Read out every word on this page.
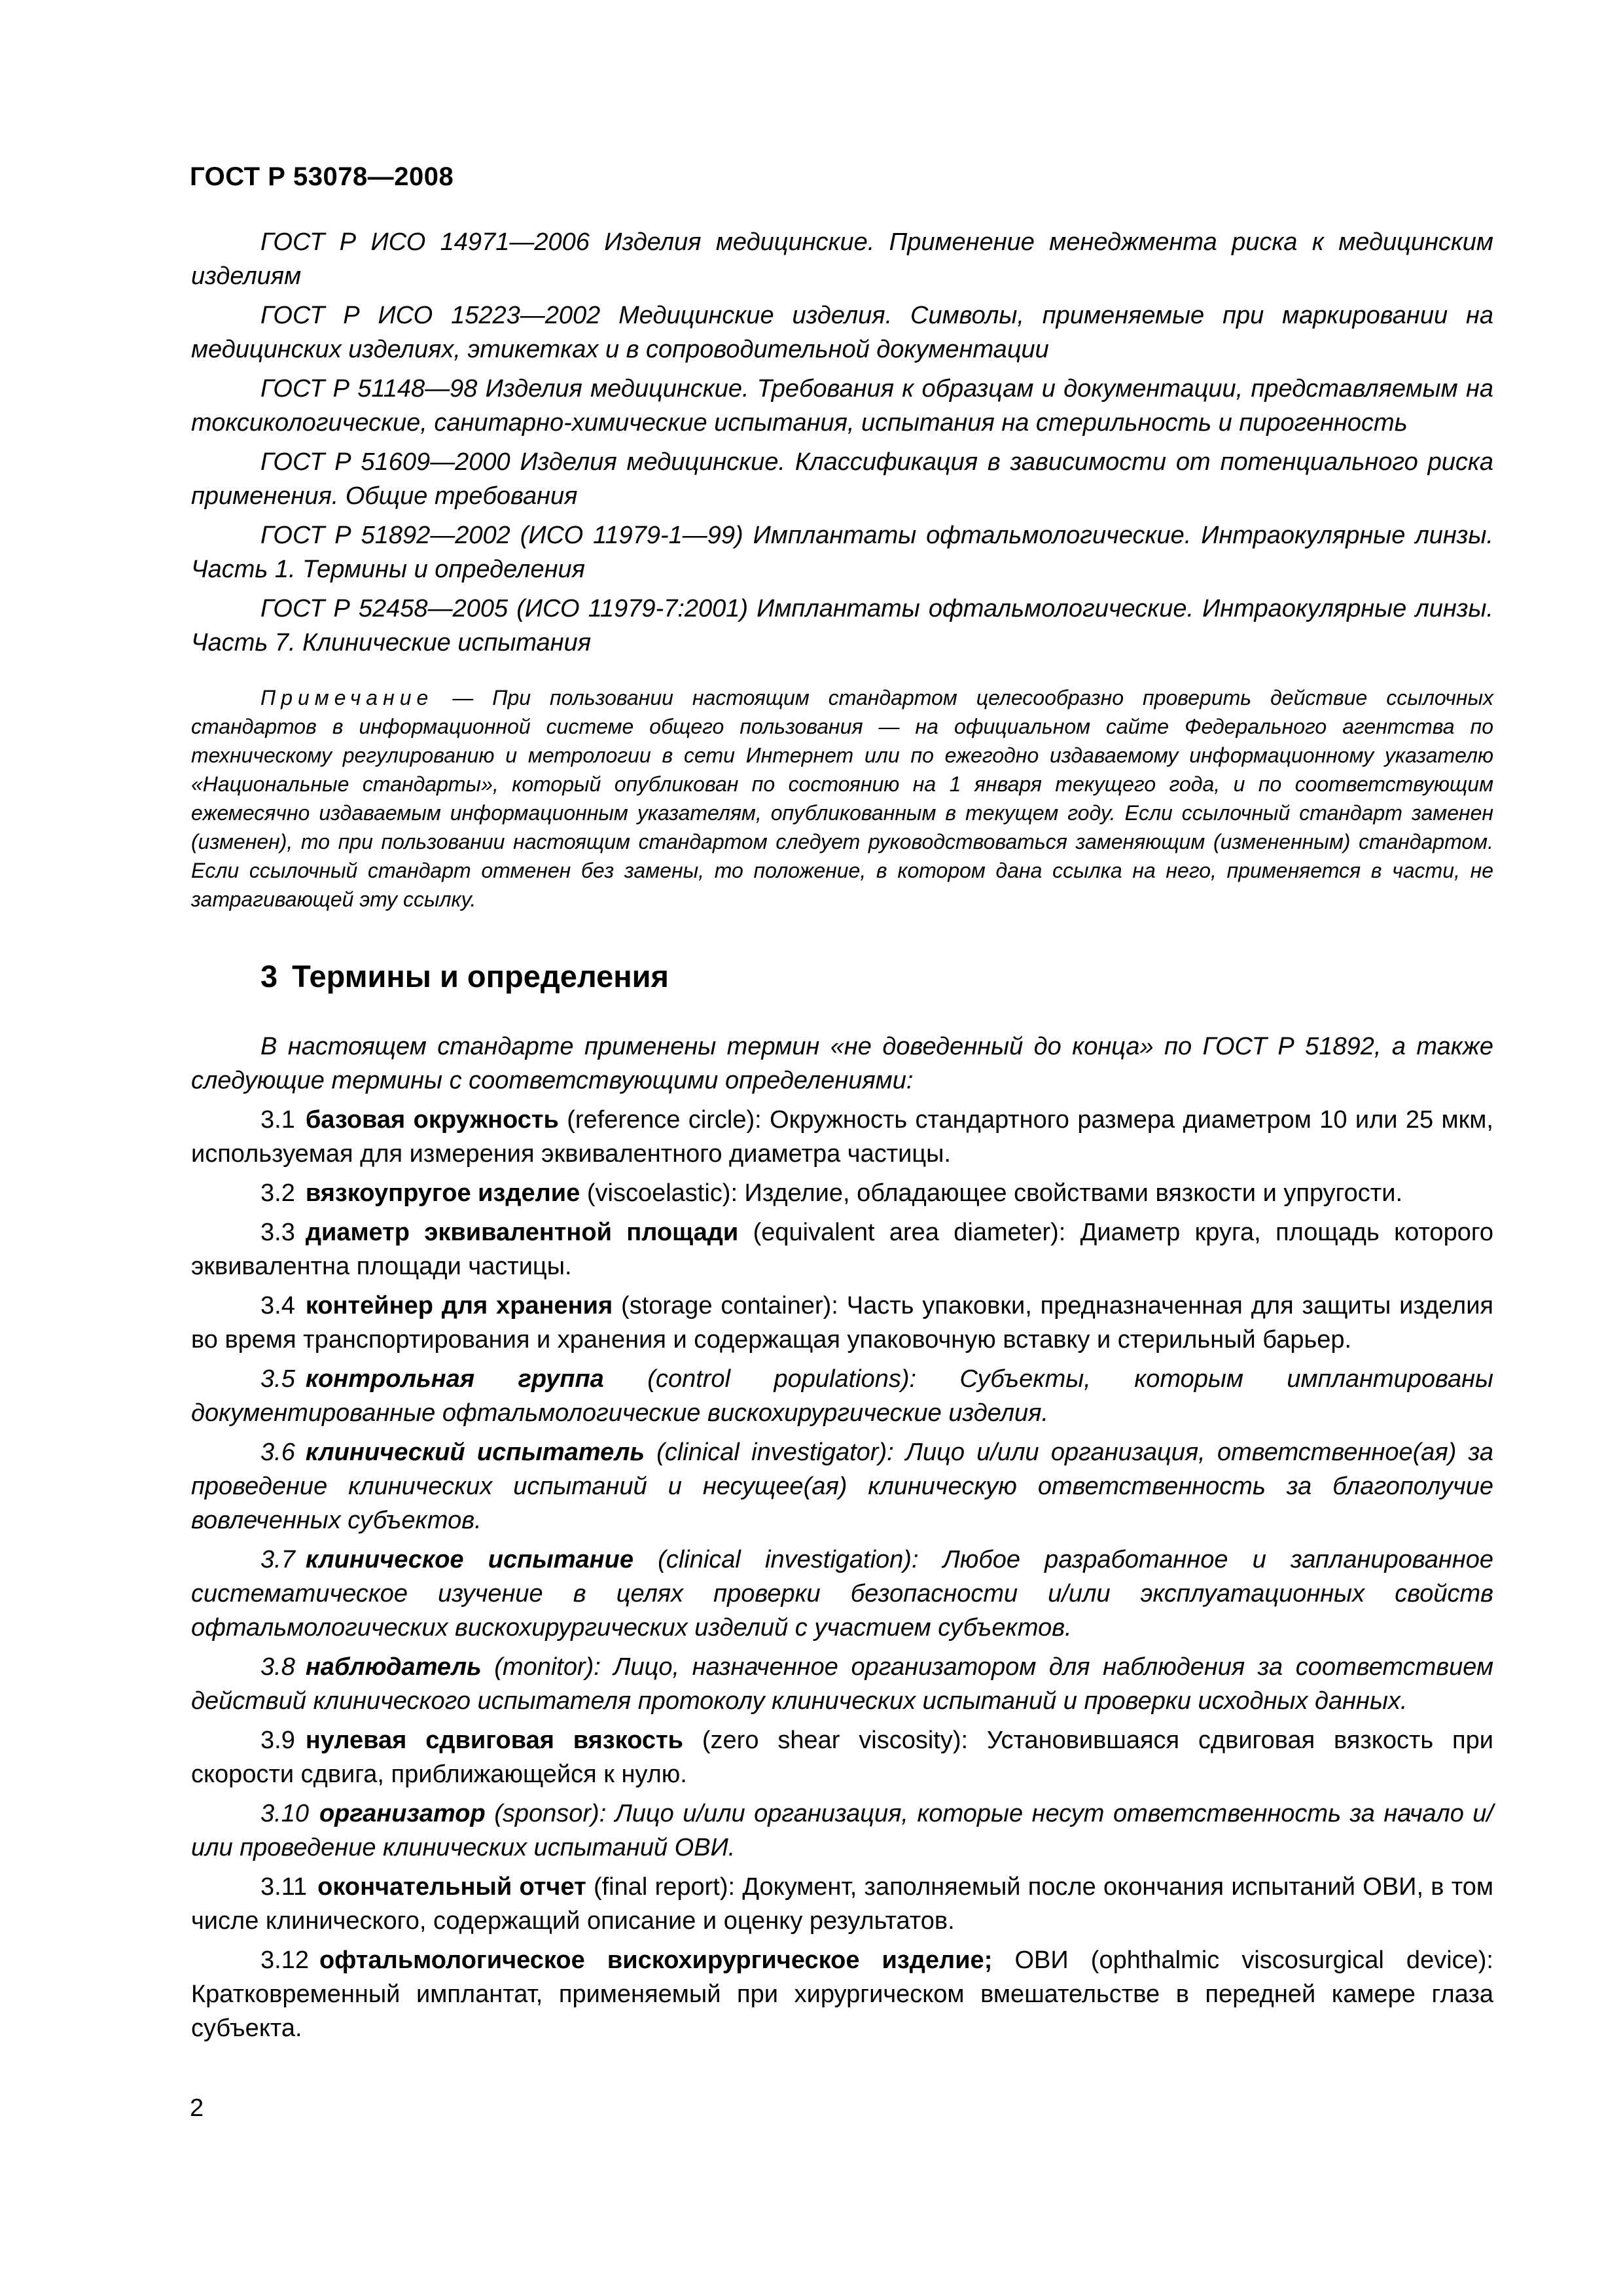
ГОСТ Р 53078—2008

ГОСТ Р ИСО 14971—2006 Изделия медицинские. Применение менеджмента риска к медицинским изделиям

ГОСТ Р ИСО 15223—2002 Медицинские изделия. Символы, применяемые при маркировании на медицинских изделиях, этикетках и в сопроводительной документации

ГОСТ Р 51148—98 Изделия медицинские. Требования к образцам и документации, представляемым на токсикологические, санитарно-химические испытания, испытания на стерильность и пирогенность

ГОСТ Р 51609—2000 Изделия медицинские. Классификация в зависимости от потенциального риска применения. Общие требования

ГОСТ Р 51892—2002 (ИСО 11979-1—99) Имплантаты офтальмологические. Интраокулярные линзы. Часть 1. Термины и определения

ГОСТ Р 52458—2005 (ИСО 11979-7:2001) Имплантаты офтальмологические. Интраокулярные линзы. Часть 7. Клинические испытания

Примечание — При пользовании настоящим стандартом целесообразно проверить действие ссылочных стандартов в информационной системе общего пользования — на официальном сайте Федерального агентства по техническому регулированию и метрологии в сети Интернет или по ежегодно издаваемому информационному указателю «Национальные стандарты», который опубликован по состоянию на 1 января текущего года, и по соответствующим ежемесячно издаваемым информационным указателям, опубликованным в текущем году. Если ссылочный стандарт заменен (изменен), то при пользовании настоящим стандартом следует руководствоваться заменяющим (измененным) стандартом. Если ссылочный стандарт отменен без замены, то положение, в котором дана ссылка на него, применяется в части, не затрагивающей эту ссылку.

3 Термины и определения

В настоящем стандарте применены термин «не доведенный до конца» по ГОСТ Р 51892, а также следующие термины с соответствующими определениями:

3.1 базовая окружность (reference circle): Окружность стандартного размера диаметром 10 или 25 мкм, используемая для измерения эквивалентного диаметра частицы.

3.2 вязкоупругое изделие (viscoelastic): Изделие, обладающее свойствами вязкости и упругости.

3.3 диаметр эквивалентной площади (equivalent area diameter): Диаметр круга, площадь которого эквивалентна площади частицы.

3.4 контейнер для хранения (storage container): Часть упаковки, предназначенная для защиты изделия во время транспортирования и хранения и содержащая упаковочную вставку и стерильный барьер.

3.5 контрольная группа (control populations): Субъекты, которым имплантированы документированные офтальмологические вискохирургические изделия.

3.6 клинический испытатель (clinical investigator): Лицо и/или организация, ответственное(ая) за проведение клинических испытаний и несущее(ая) клиническую ответственность за благополучие вовлеченных субъектов.

3.7 клиническое испытание (clinical investigation): Любое разработанное и запланированное систематическое изучение в целях проверки безопасности и/или эксплуатационных свойств офтальмологических вискохирургических изделий с участием субъектов.

3.8 наблюдатель (monitor): Лицо, назначенное организатором для наблюдения за соответствием действий клинического испытателя протоколу клинических испытаний и проверки исходных данных.

3.9 нулевая сдвиговая вязкость (zero shear viscosity): Установившаяся сдвиговая вязкость при скорости сдвига, приближающейся к нулю.

3.10 организатор (sponsor): Лицо и/или организация, которые несут ответственность за начало и/или проведение клинических испытаний ОВИ.

3.11 окончательный отчет (final report): Документ, заполняемый после окончания испытаний ОВИ, в том числе клинического, содержащий описание и оценку результатов.

3.12 офтальмологическое вискохирургическое изделие; ОВИ (ophthalmic viscosurgical device): Кратковременный имплантат, применяемый при хирургическом вмешательстве в передней камере глаза субъекта.

2
